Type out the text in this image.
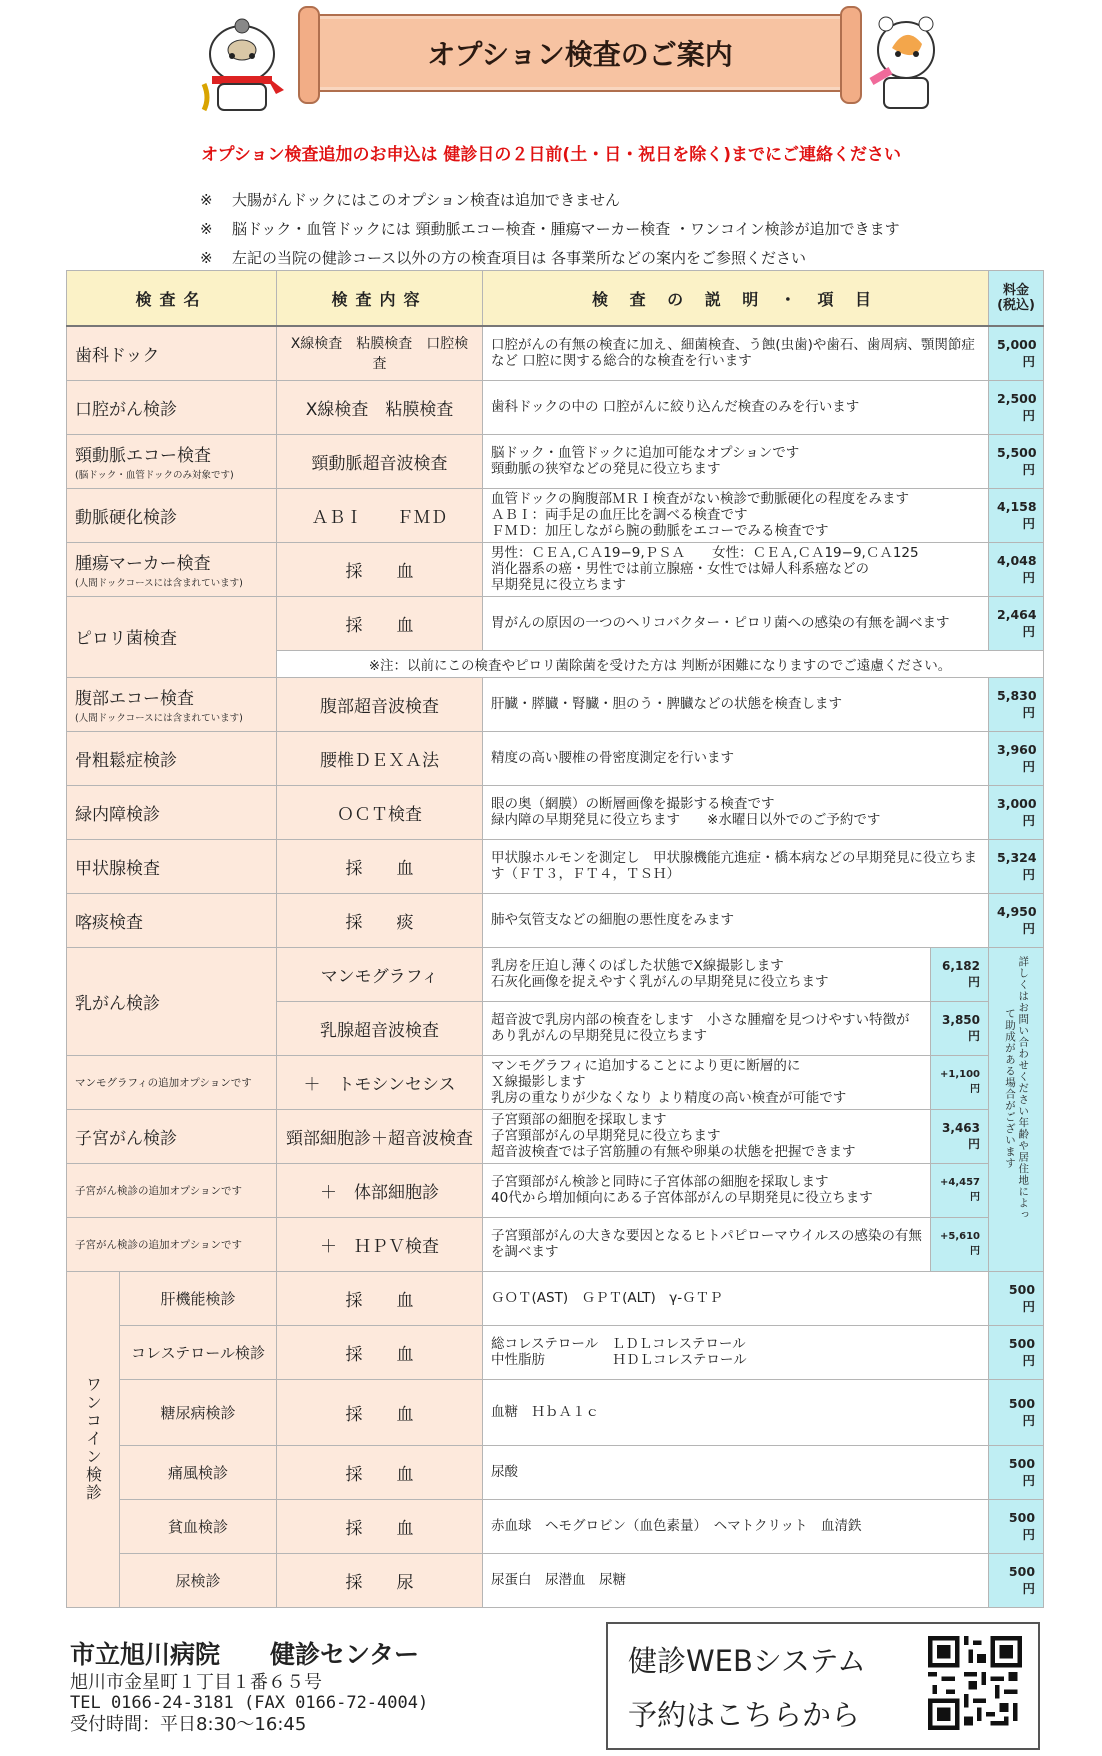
オプション検査のご案内
オプション検査追加のお申込は 健診日の２日前(土・日・祝日を除く)までにご連絡ください
※ 大腸がんドックにはこのオプション検査は追加できません
※ 脳ドック・血管ドックには 頸動脈エコー検査・腫瘍マーカー検査 ・ワンコイン検診が追加できます
※ 左記の当院の健診コース以外の方の検査項目は 各事業所などの案内をご参照ください
検査名		検査内容	検 査 の 説 明 ・ 項 目		料金
(税込)
歯科ドック		X線検査　粘膜検査　口腔検査	口腔がんの有無の検査に加え、細菌検査、う蝕(虫歯)や歯石、歯周病、顎関節症など 口腔に関する総合的な検査を行います		5,000円
口腔がん検診		X線検査　粘膜検査	歯科ドックの中の 口腔がんに絞り込んだ検査のみを行います		2,500円
頸動脈エコー検査
(脳ドック・血管ドックのみ対象です)		頸動脈超音波検査	脳ドック・血管ドックに追加可能なオプションです
頸動脈の狭窄などの発見に役立ちます		5,500円
動脈硬化検診		ＡＢＩ　　ＦＭＤ	血管ドックの胸腹部ＭＲＩ検査がない検診で動脈硬化の程度をみます
ＡＢＩ：両手足の血圧比を調べる検査です
ＦＭＤ：加圧しながら腕の動脈をエコーでみる検査です		4,158円
腫瘍マーカー検査
(人間ドックコースには含まれています)		採　　血	男性：ＣＥＡ,ＣＡ19−9,ＰＳＡ　　女性：ＣＥＡ,ＣＡ19−9,ＣＡ125
消化器系の癌・男性では前立腺癌・女性では婦人科系癌などの
早期発見に役立ちます		4,048円
ピロリ菌検査		採　　血	胃がんの原因の一つのヘリコバクター・ピロリ菌への感染の有無を調べます		2,464円
		※注：以前にこの検査やピロリ菌除菌を受けた方は 判断が困難になりますのでご遠慮ください。			
腹部エコー検査
(人間ドックコースには含まれています)		腹部超音波検査	肝臓・膵臓・腎臓・胆のう・脾臓などの状態を検査します		5,830円
骨粗鬆症検診		腰椎ＤＥＸＡ法	精度の高い腰椎の骨密度測定を行います		3,960円
緑内障検診		ＯＣＴ検査	眼の奥（網膜）の断層画像を撮影する検査です
緑内障の早期発見に役立ちます　　※水曜日以外でのご予約です		3,000円
甲状腺検査		採　　血	甲状腺ホルモンを測定し　甲状腺機能亢進症・橋本病などの早期発見に役立ちます（ＦＴ３，ＦＴ４，ＴＳＨ）		5,324円
喀痰検査		採　　痰	肺や気管支などの細胞の悪性度をみます		4,950円
乳がん検診		マンモグラフィ	乳房を圧迫し薄くのばした状態でX線撮影します
石灰化画像を捉えやすく乳がんの早期発見に役立ちます	6,182円	詳しくはお問い合わせください年齢や居住地によって助成がある場合がございます

		乳腺超音波検査	超音波で乳房内部の検査をします　小さな腫瘤を見つけやすい特徴があり乳がんの早期発見に役立ちます	3,850円	
マンモグラフィの追加オプションです		＋　トモシンセシス	マンモグラフィに追加することにより更に断層的に
Ｘ線撮影します
乳房の重なりが少なくなり より精度の高い検査が可能です	+1,100円	
子宮がん検診		頸部細胞診＋超音波検査	子宮頸部の細胞を採取します
子宮頸部がんの早期発見に役立ちます
超音波検査では子宮筋腫の有無や卵巣の状態を把握できます	3,463円	
子宮がん検診の追加オプションです		＋　体部細胞診	子宮頸部がん検診と同時に子宮体部の細胞を採取します
40代から増加傾向にある子宮体部がんの早期発見に役立ちます	+4,457円	
子宮がん検診の追加オプションです		＋　ＨＰＶ検査	子宮頸部がんの大きな要因となるヒトパピローマウイルスの感染の有無を調べます	+5,610円	

ワンコイン検診	肝機能検診	採　　血	ＧＯＴ(AST)　ＧＰＴ(ALT)　γ-ＧＴＰ		500円
	コレステロール検診	採　　血	総コレステロール　ＬＤＬコレステロール
中性脂肪　　　　　ＨＤＬコレステロール		500円
	糖尿病検診	採　　血	血糖　ＨｂＡ１ｃ		500円
	痛風検診	採　　血	尿酸		500円
	貧血検診	採　　血	赤血球　ヘモグロビン（血色素量）　ヘマトクリット　血清鉄		500円
	尿検診	採　　尿	尿蛋白　尿潜血　尿糖		500円
市立旭川病院　　健診センター
旭川市金星町１丁目１番６５号
TEL 0166-24-3181 (FAX 0166-72-4004)
受付時間：平日8:30～16:45
健診WEBシステム
予約はこちらから
